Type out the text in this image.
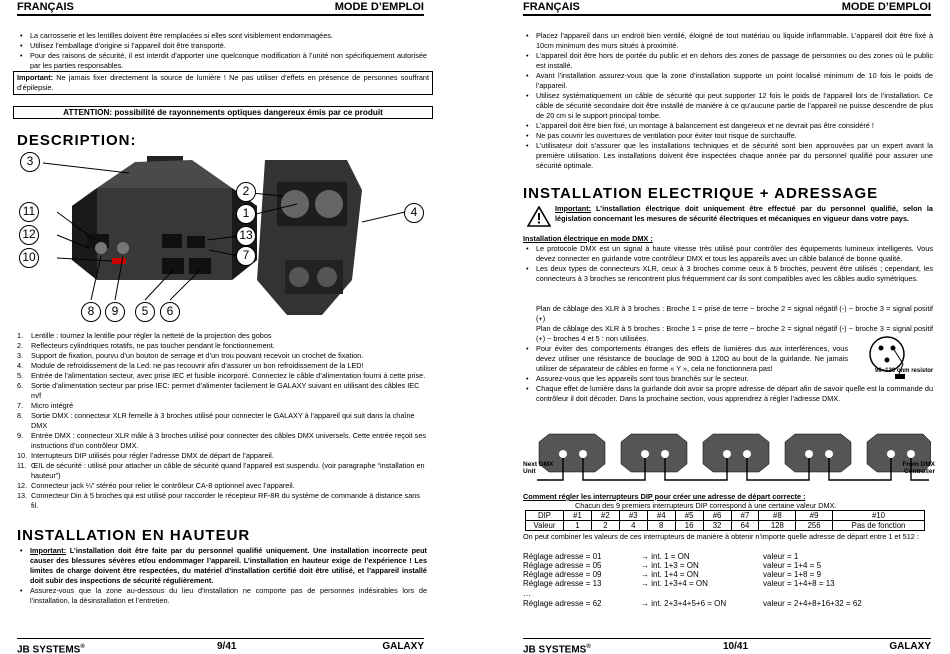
FRANÇAIS	MODE D’EMPLOI
• La carrosserie et les lentilles doivent être remplacées si elles sont visiblement endommagées.
• Utilisez l’emballage d’origine si l’appareil doit être transporté.
• Pour des raisons de sécurité, il est interdit d’apporter une quelconque modification à l’unité non spécifiquement autorisée par les parties responsables.
Important: Ne jamais fixer directement la source de lumière ! Ne pas utiliser d’effets en présence de personnes souffrant d’épilepsie.
ATTENTION: possibilité de rayonnements optiques dangereux émis par ce produit
DESCRIPTION:
3
11
12
10
2
1	4
13
7
8	9	5	6
1. Lentille : tournez la lentille pour régler la netteté de la projection des gobos
2. Reflecteurs cylindriques rotatifs, ne pas toucher pendant le fonctionnement.
3. Support de fixation, pourvu d’un bouton de serrage et d’un trou pouvant recevoir un crochet de fixation.
4. Module de refroidissement de la Led: ne pas recouvrir afin d’assurer un bon refroidissement de la LED!
5. Entrée de l’alimentation secteur, avec prise IEC et fusible incorporé. Connectez le câble d’alimentation fourni à cette prise.
6. Sortie d’alimentation secteur par prise IEC: permet d’alimenter facilement le GALAXY suivant en utilisant des câbles IEC m/f
7. Micro intégré
8. Sortie DMX : connecteur XLR femelle à 3 broches utilisé pour connecter le GALAXY à l’appareil qui suit dans la chaîne DMX
9. Entrée DMX : connecteur XLR mâle à 3 broches utilisé pour connecter des câbles DMX universels. Cette entrée reçoit ses instructions d’un contrôleur DMX.
10. Interrupteurs DIP utilisés pour régler l’adresse DMX de départ de l’appareil.
11. ŒIL de sécurité : utilisé pour attacher un câble de sécurité quand l’appareil est suspendu. (voir paragraphe “installation en hauteur”)
12. Connecteur jack ¼” stéréo pour relier le contrôleur CA-8 optionnel avec l’appareil.
13. Connecteur Din à 5 broches qui est utilisé pour raccorder le récepteur RF-8R du système de commande à distance sans fil.
INSTALLATION EN HAUTEUR
• Important: L’installation doit être faite par du personnel qualifié uniquement. Une installation incorrecte peut causer des blessures sévères et/ou endommager l’appareil. L’installation en hauteur exige de l’expérience ! Les limites de charge doivent être respectées, du matériel d’installation certifié doit être utilisé, et l’appareil installé doit subir des inspections de sécurité régulièrement.
• Assurez-vous que la zone au-dessous du lieu d’installation ne comporte pas de personnes indésirables lors de l’installation, la désinstallation et l’entretien.
JB SYSTEMS®	9/41	GALAXY
FRANÇAIS	MODE D’EMPLOI
• Placez l’appareil dans un endroit bien ventilé, éloigné de tout matériau ou liquide inflammable. L’appareil doit être fixé à 10cm minimum des murs situés à proximité.
• L’appareil doit être hors de portée du public et en dehors des zones de passage de personnes ou des zones où le public est installé.
• Avant l’installation assurez-vous que la zone d’installation supporte un point localisé minimum de 10 fois le poids de l’appareil.
• Utilisez systématiquement un câble de sécurité qui peut supporter 12 fois le poids de l’appareil lors de l’installation. Ce câble de sécurité secondaire doit être installé de manière à ce qu’aucune partie de l’appareil ne puisse descendre de plus de 20 cm si le support principal tombe.
• L’appareil doit être bien fixé, un montage à balancement est dangereux et ne devrait pas être considéré !
• Ne pas couvrir les ouvertures de ventilation pour éviter tout risque de surchauffe.
• L’utilisateur doit s’assurer que les installations techniques et de sécurité sont bien approuvées par un expert avant la première utilisation. Les installations doivent être inspectées chaque année par du personnel qualifié pour assurer une sécurité optimale.
INSTALLATION ELECTRIQUE + ADRESSAGE
Important: L’installation électrique doit uniquement être effectué par du personnel qualifié, selon la législation concernant les mesures de sécurité électriques et mécaniques en vigueur dans votre pays.
Installation électrique en mode DMX :
• Le protocole DMX est un signal à haute vitesse très utilisé pour contrôler des équipements lumineux intelligents. Vous devez connecter en guirlande votre contrôleur DMX et tous les appareils avec un câble balancé de bonne qualité.
• Les deux types de connecteurs XLR, ceux à 3 broches comme ceux à 5 broches, peuvent être utilisés ; cependant, les connecteurs à 3 broches se rencontrent plus fréquemment car ils sont compatibles avec les câbles audio symétriques.
Plan de câblage des XLR à 3 broches : Broche 1 = prise de terre ~ broche 2 = signal négatif (-) ~ broche 3 = signal positif (+)
Plan de câblage des XLR à 5 broches : Broche 1 = prise de terre ~ broche 2 = signal négatif (-) ~ broche 3 = signal positif (+) ~ broches 4 et 5 : non utilisées.
• Pour éviter des comportements étranges des effets de lumières dus aux interférences, vous devez utiliser une résistance de bouclage de 90Ω à 120Ω au bout de la guirlande. Ne jamais utiliser de séparateur de câbles en forme « Y », cela ne fonctionnera pas!
• Assurez-vous que les appareils sont tous branchés sur le secteur.
• Chaque effet de lumière dans la guirlande doit avoir sa propre adresse de départ afin de savoir quelle est la commande du contrôleur il doit décoder. Dans la prochaine section, vous apprendrez à régler l’adresse DMX.
90~120 ohm resistor
Next DMX Unit
From DMX Controller
Comment régler les interrupteurs DIP pour créer une adresse de départ correcte :
Chacun des 9 premiers interrupteurs DIP correspond à une certaine valeur DMX.
DIP	#1	#2	#3	#4	#5	#6	#7	#8	#9	#10
Valeur	1	2	4	8	16	32	64	128	256	Pas de fonction
On peut combiner les valeurs de ces interrupteurs de manière à obtenir n’importe quelle adresse de départ entre 1 et 512 :
Réglage adresse = 01	→ int. 1 = ON	valeur = 1
Réglage adresse = 05	→ int. 1+3 = ON	valeur = 1+4 = 5
Réglage adresse = 09	→ int. 1+4 = ON	valeur = 1+8 = 9
Réglage adresse = 13	→ int. 1+3+4 = ON	valeur = 1+4+8 = 13
…
Réglage adresse = 62	→ int. 2+3+4+5+6 = ON	valeur = 2+4+8+16+32 = 62
JB SYSTEMS®	10/41	GALAXY
